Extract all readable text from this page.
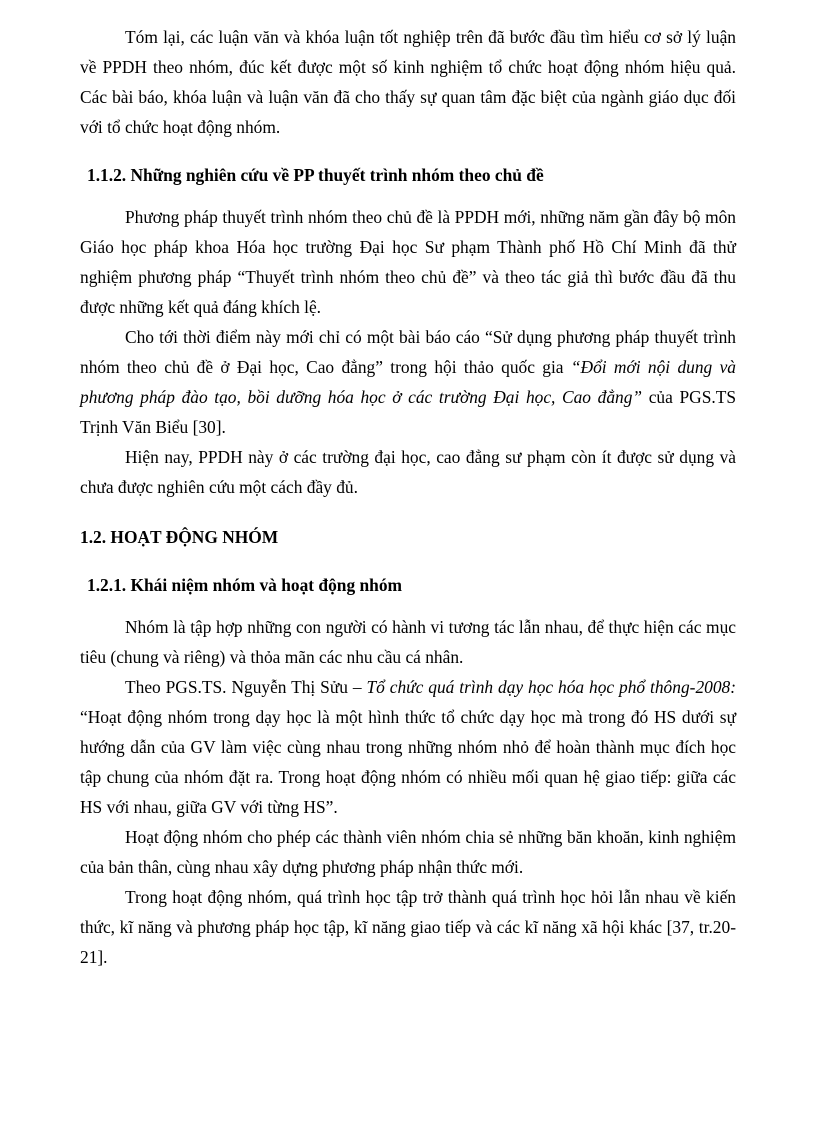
Tóm lại, các luận văn và khóa luận tốt nghiệp trên đã bước đầu tìm hiểu cơ sở lý luận về PPDH theo nhóm, đúc kết được một số kinh nghiệm tổ chức hoạt động nhóm hiệu quả. Các bài báo, khóa luận và luận văn đã cho thấy sự quan tâm đặc biệt của ngành giáo dục đối với tổ chức hoạt động nhóm.

1.1.2. Những nghiên cứu về PP thuyết trình nhóm theo chủ đề

Phương pháp thuyết trình nhóm theo chủ đề là PPDH mới, những năm gần đây bộ môn Giáo học pháp khoa Hóa học trường Đại học Sư phạm Thành phố Hồ Chí Minh đã thử nghiệm phương pháp “Thuyết trình nhóm theo chủ đề” và theo tác giả thì bước đầu đã thu được những kết quả đáng khích lệ.

Cho tới thời điểm này mới chỉ có một bài báo cáo “Sử dụng phương pháp thuyết trình nhóm theo chủ đề ở Đại học, Cao đẳng” trong hội thảo quốc gia “Đổi mới nội dung và phương pháp đào tạo, bồi dưỡng hóa học ở các trường Đại học, Cao đẳng” của PGS.TS Trịnh Văn Biểu [30].

Hiện nay, PPDH này ở các trường đại học, cao đẳng sư phạm còn ít được sử dụng và chưa được nghiên cứu một cách đầy đủ.

1.2. HOẠT ĐỘNG NHÓM
1.2.1. Khái niệm nhóm và hoạt động nhóm

Nhóm là tập hợp những con người có hành vi tương tác lẫn nhau, để thực hiện các mục tiêu (chung và riêng) và thỏa mãn các nhu cầu cá nhân.

Theo PGS.TS. Nguyễn Thị Sửu – Tổ chức quá trình dạy học hóa học phổ thông-2008: “Hoạt động nhóm trong dạy học là một hình thức tổ chức dạy học mà trong đó HS dưới sự hướng dẫn của GV làm việc cùng nhau trong những nhóm nhỏ để hoàn thành mục đích học tập chung của nhóm đặt ra. Trong hoạt động nhóm có nhiều mối quan hệ giao tiếp: giữa các HS với nhau, giữa GV với từng HS”.

Hoạt động nhóm cho phép các thành viên nhóm chia sẻ những băn khoăn, kinh nghiệm của bản thân, cùng nhau xây dựng phương pháp nhận thức mới.

Trong hoạt động nhóm, quá trình học tập trở thành quá trình học hỏi lẫn nhau về kiến thức, kĩ năng và phương pháp học tập, kĩ năng giao tiếp và các kĩ năng xã hội khác [37, tr.20- 21].
